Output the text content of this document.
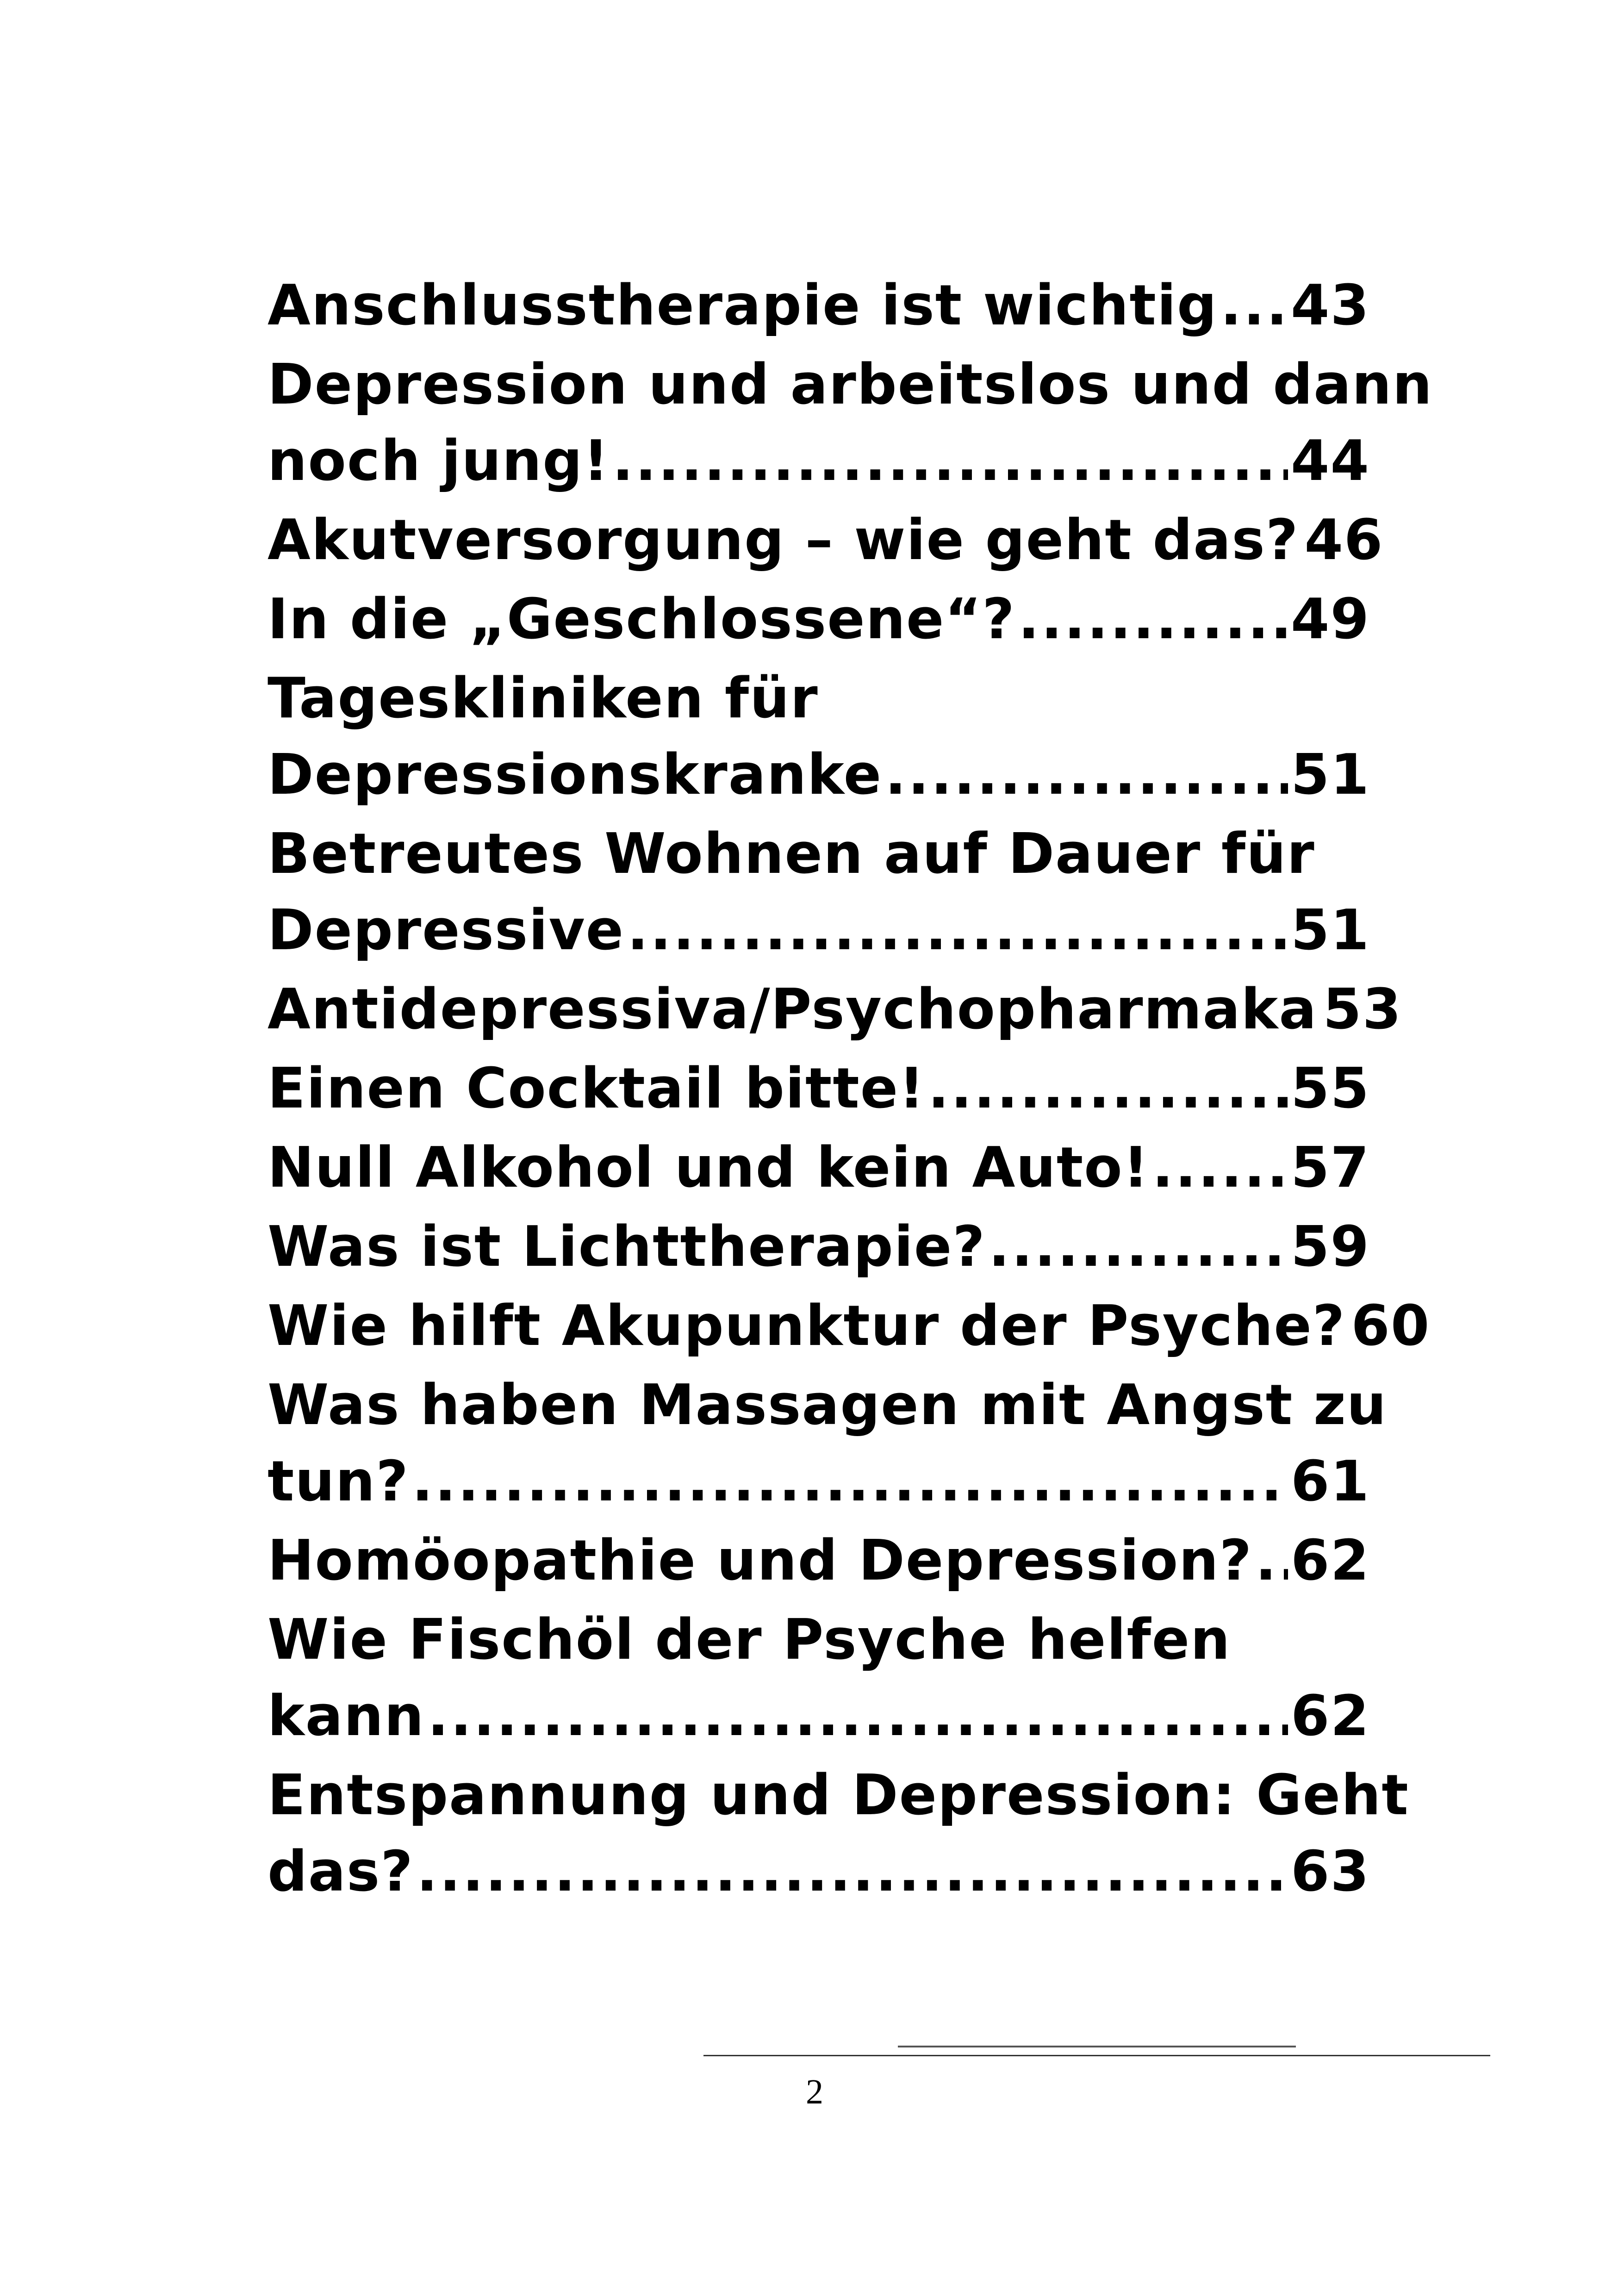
Anschlusstherapie ist wichtig ..... 43
Depression und arbeitslos und dann
noch jung! .....	44
Akutversorgung – wie geht das? 46
In die „Geschlossene“? .....	49
Tageskliniken für
Depressionskranke .....	51
Betreutes Wohnen auf Dauer für
Depressive .....	51
Antidepressiva/Psychopharmaka 53
Einen Cocktail bitte! .....	55
Null Alkohol und kein Auto! .....	57
Was ist Lichttherapie? .....	59
Wie hilft Akupunktur der Psyche? 60
Was haben Massagen mit Angst zu
tun? .....	61
Homöopathie und Depression? ..... 62
Wie Fischöl der Psyche helfen
kann .....	62
Entspannung und Depression: Geht
das? .....	63
2
